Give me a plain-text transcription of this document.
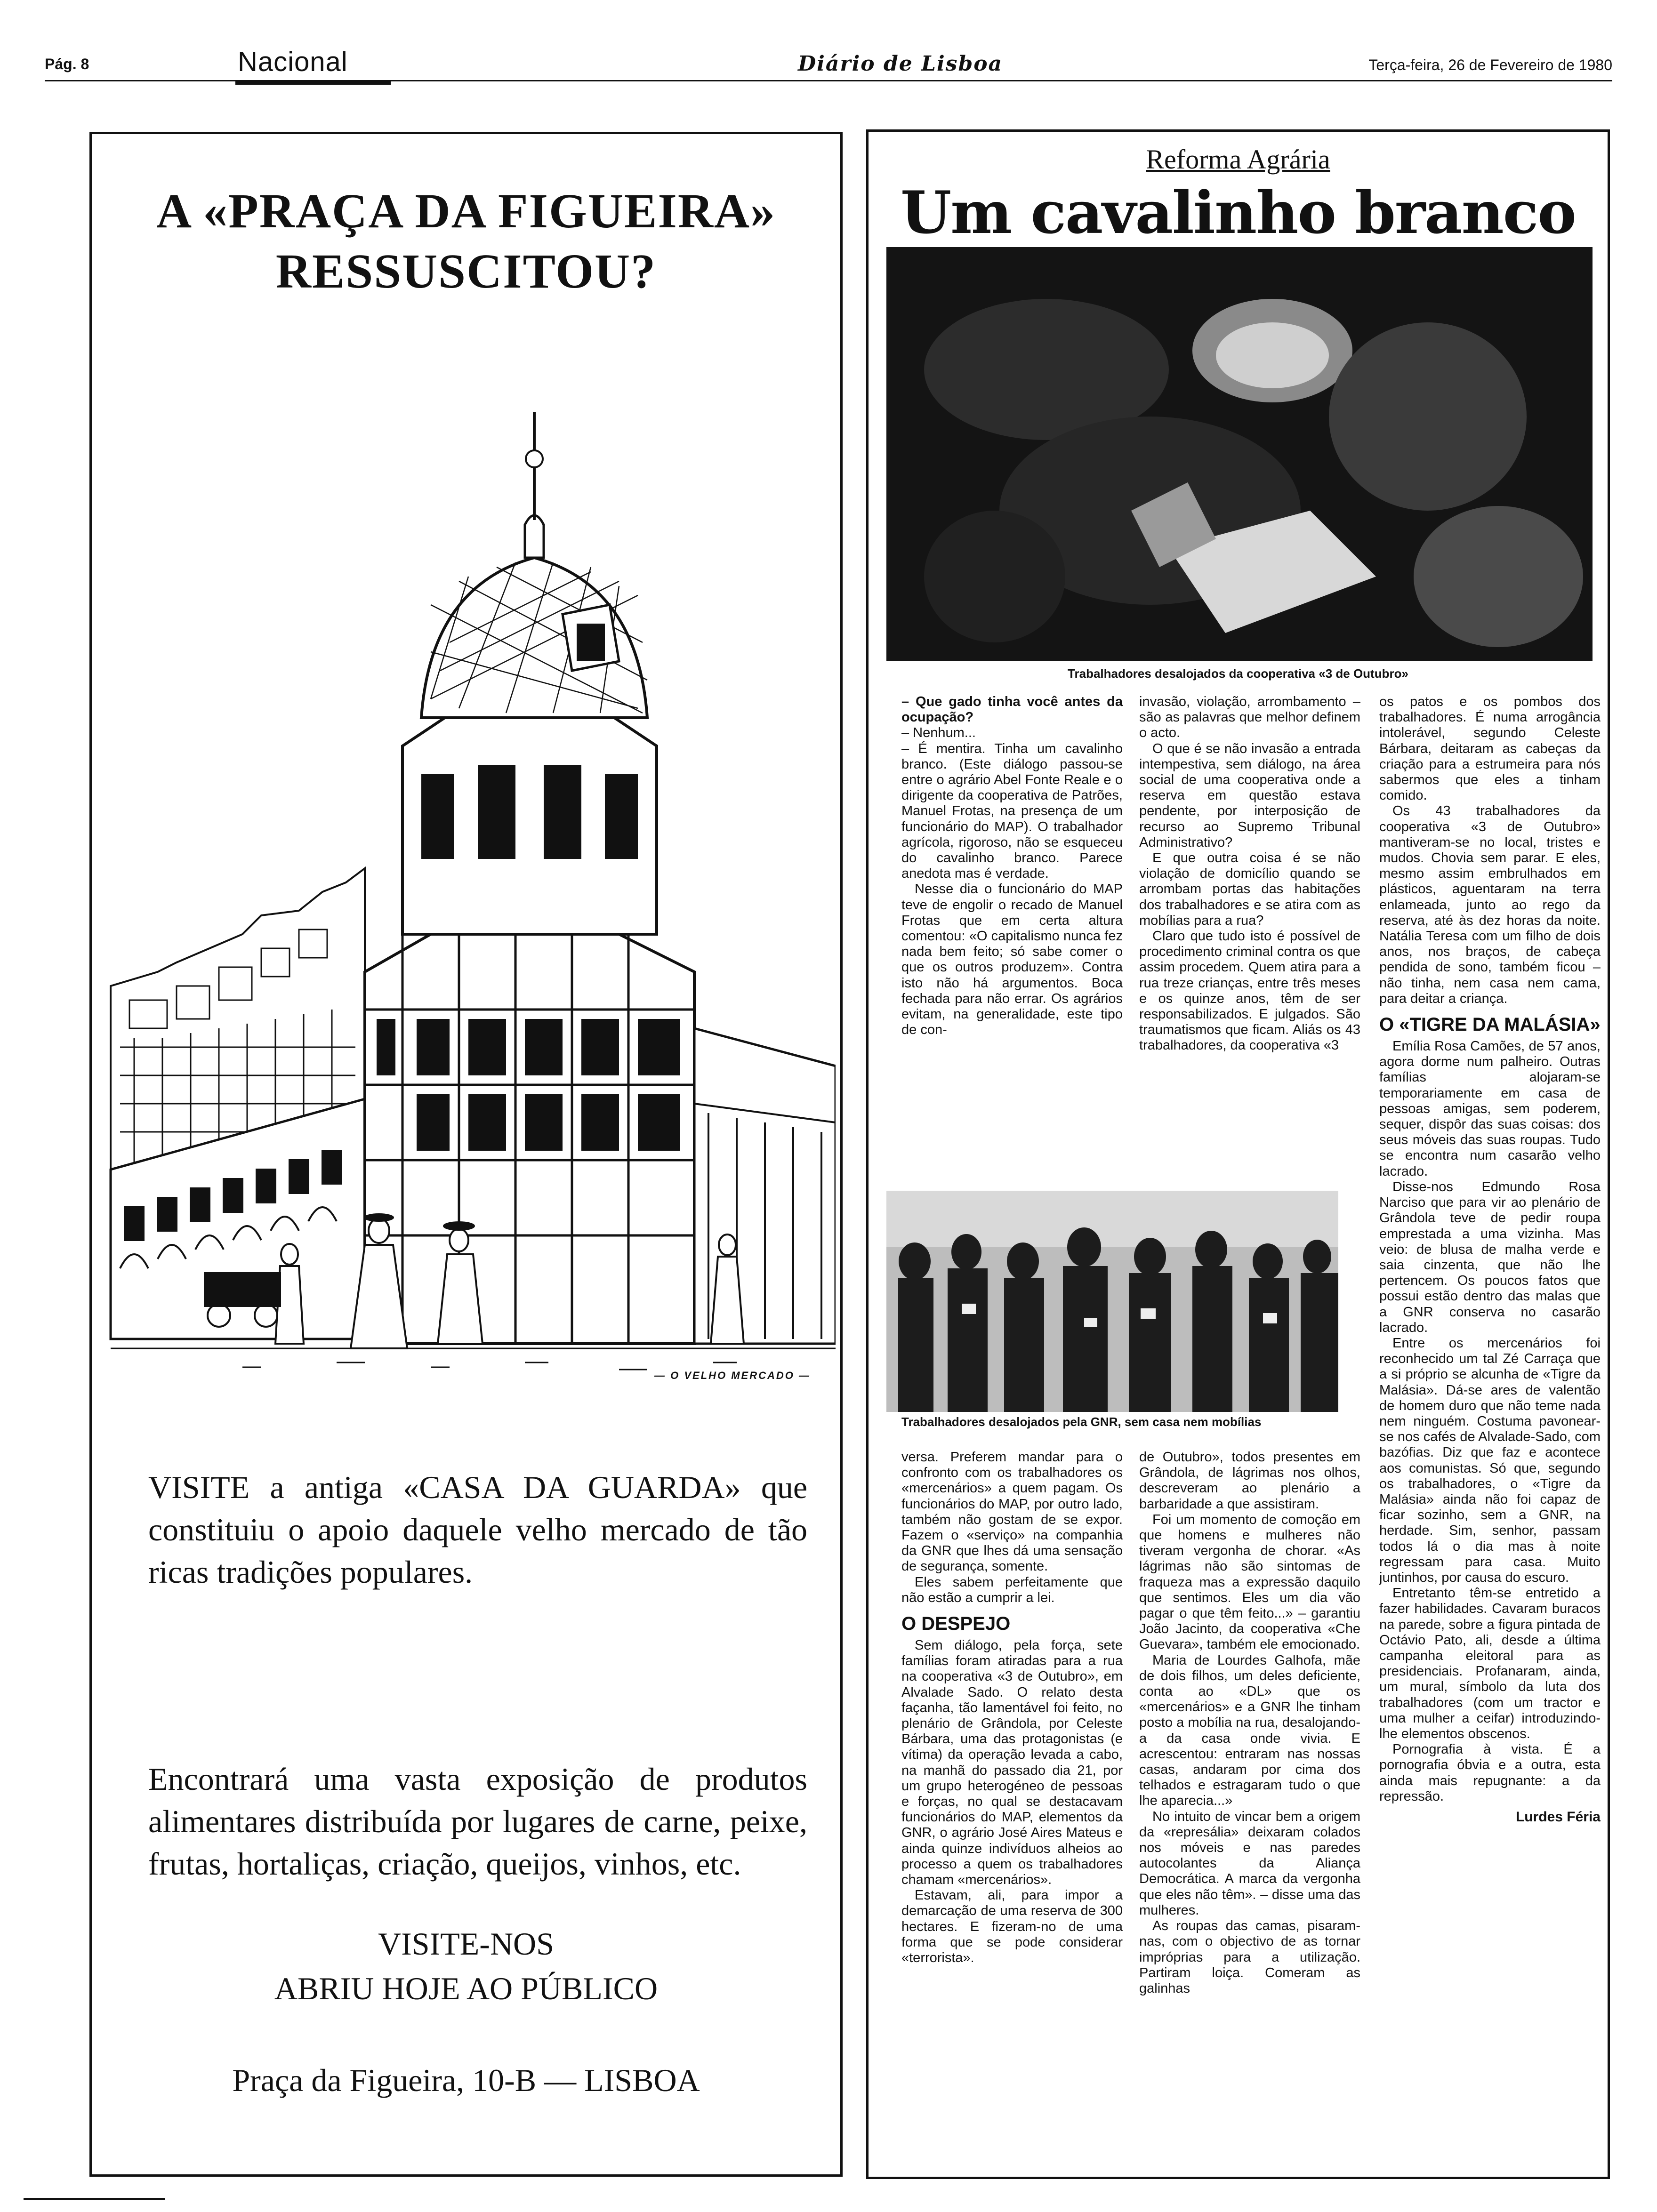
Pág. 8	Nacional	Diário de Lisboa	Terça-feira, 26 de Fevereiro de 1980
A «PRAÇA DA FIGUEIRA»
RESSUSCITOU?
— O VELHO MERCADO —
VISITE a antiga «CASA DA GUARDA» que constituiu o apoio daquele velho mercado de tão ricas tradições populares.
Encontrará uma vasta exposição de produtos alimentares distribuída por lugares de carne, peixe, frutas, hortaliças, criação, queijos, vinhos, etc.
VISITE-NOS
ABRIU HOJE AO PÚBLICO
Praça da Figueira, 10-B — LISBOA
Reforma Agrária
Um cavalinho branco
Trabalhadores desalojados da cooperativa «3 de Outubro»

– Que gado tinha você antes da ocupação?

– Nenhum...

– É mentira. Tinha um cavalinho branco. (Este diálogo passou-se entre o agrário Abel Fonte Reale e o dirigente da cooperativa de Patrões, Manuel Frotas, na presença de um funcionário do MAP). O trabalhador agrícola, rigoroso, não se esqueceu do cavalinho branco. Parece anedota mas é verdade.

Nesse dia o funcionário do MAP teve de engolir o recado de Manuel Frotas que em certa altura comentou: «O capitalismo nunca fez nada bem feito; só sabe comer o que os outros produzem». Contra isto não há argumentos. Boca fechada para não errar. Os agrários evitam, na generalidade, este tipo de con-

invasão, violação, arrombamento – são as palavras que melhor definem o acto.

O que é se não invasão a entrada intempestiva, sem diálogo, na área social de uma cooperativa onde a reserva em questão estava pendente, por interposição de recurso ao Supremo Tribunal Administrativo?

E que outra coisa é se não violação de domicílio quando se arrombam portas das habitações dos trabalhadores e se atira com as mobílias para a rua?

Claro que tudo isto é possível de procedimento criminal contra os que assim procedem. Quem atira para a rua treze crianças, entre três meses e os quinze anos, têm de ser responsabilizados. E julgados. São traumatismos que ficam. Aliás os 43 trabalhadores, da cooperativa «3

Trabalhadores desalojados pela GNR, sem casa nem mobílias

versa. Preferem mandar para o confronto com os trabalhadores os «mercenários» a quem pagam. Os funcionários do MAP, por outro lado, também não gostam de se expor. Fazem o «serviço» na companhia da GNR que lhes dá uma sensação de segurança, somente.

Eles sabem perfeitamente que não estão a cumprir a lei.

O DESPEJO

Sem diálogo, pela força, sete famílias foram atiradas para a rua na cooperativa «3 de Outubro», em Alvalade Sado. O relato desta façanha, tão lamentável foi feito, no plenário de Grândola, por Celeste Bárbara, uma das protagonistas (e vítima) da operação levada a cabo, na manhã do passado dia 21, por um grupo heterogéneo de pessoas e forças, no qual se destacavam funcionários do MAP, elementos da GNR, o agrário José Aires Mateus e ainda quinze indivíduos alheios ao processo a quem os trabalhadores chamam «mercenários».

Estavam, ali, para impor a demarcação de uma reserva de 300 hectares. E fizeram-no de uma forma que se pode considerar «terrorista».

de Outubro», todos presentes em Grândola, de lágrimas nos olhos, descreveram ao plenário a barbaridade a que assistiram.

Foi um momento de comoção em que homens e mulheres não tiveram vergonha de chorar. «As lágrimas não são sintomas de fraqueza mas a expressão daquilo que sentimos. Eles um dia vão pagar o que têm feito...» – garantiu João Jacinto, da cooperativa «Che Guevara», também ele emocionado.

Maria de Lourdes Galhofa, mãe de dois filhos, um deles deficiente, conta ao «DL» que os «mercenários» e a GNR lhe tinham posto a mobília na rua, desalojando-a da casa onde vivia. E acrescentou: entraram nas nossas casas, andaram por cima dos telhados e estragaram tudo o que lhe aparecia...»

No intuito de vincar bem a origem da «represália» deixaram colados nos móveis e nas paredes autocolantes da Aliança Democrática. A marca da vergonha que eles não têm». – disse uma das mulheres.

As roupas das camas, pisaram-nas, com o objectivo de as tornar impróprias para a utilização. Partiram loiça. Comeram as galinhas

os patos e os pombos dos trabalhadores. É numa arrogância intolerável, segundo Celeste Bárbara, deitaram as cabeças da criação para a estrumeira para nós sabermos que eles a tinham comido.

Os 43 trabalhadores da cooperativa «3 de Outubro» mantiveram-se no local, tristes e mudos. Chovia sem parar. E eles, mesmo assim embrulhados em plásticos, aguentaram na terra enlameada, junto ao rego da reserva, até às dez horas da noite. Natália Teresa com um filho de dois anos, nos braços, de cabeça pendida de sono, também ficou – não tinha, nem casa nem cama, para deitar a criança.

O «TIGRE DA MALÁSIA»

Emília Rosa Camões, de 57 anos, agora dorme num palheiro. Outras famílias alojaram-se temporariamente em casa de pessoas amigas, sem poderem, sequer, dispôr das suas coisas: dos seus móveis das suas roupas. Tudo se encontra num casarão velho lacrado.

Disse-nos Edmundo Rosa Narciso que para vir ao plenário de Grândola teve de pedir roupa emprestada a uma vizinha. Mas veio: de blusa de malha verde e saia cinzenta, que não lhe pertencem. Os poucos fatos que possui estão dentro das malas que a GNR conserva no casarão lacrado.

Entre os mercenários foi reconhecido um tal Zé Carraça que a si próprio se alcunha de «Tigre da Malásia». Dá-se ares de valentão de homem duro que não teme nada nem ninguém. Costuma pavonear-se nos cafés de Alvalade-Sado, com bazófias. Diz que faz e acontece aos comunistas. Só que, segundo os trabalhadores, o «Tigre da Malásia» ainda não foi capaz de ficar sozinho, sem a GNR, na herdade. Sim, senhor, passam todos lá o dia mas à noite regressam para casa. Muito juntinhos, por causa do escuro.

Entretanto têm-se entretido a fazer habilidades. Cavaram buracos na parede, sobre a figura pintada de Octávio Pato, ali, desde a última campanha eleitoral para as presidenciais. Profanaram, ainda, um mural, símbolo da luta dos trabalhadores (com um tractor e uma mulher a ceifar) introduzindo-lhe elementos obscenos.

Pornografia à vista. É a pornografia óbvia e a outra, esta ainda mais repugnante: a da repressão.

Lurdes Féria
